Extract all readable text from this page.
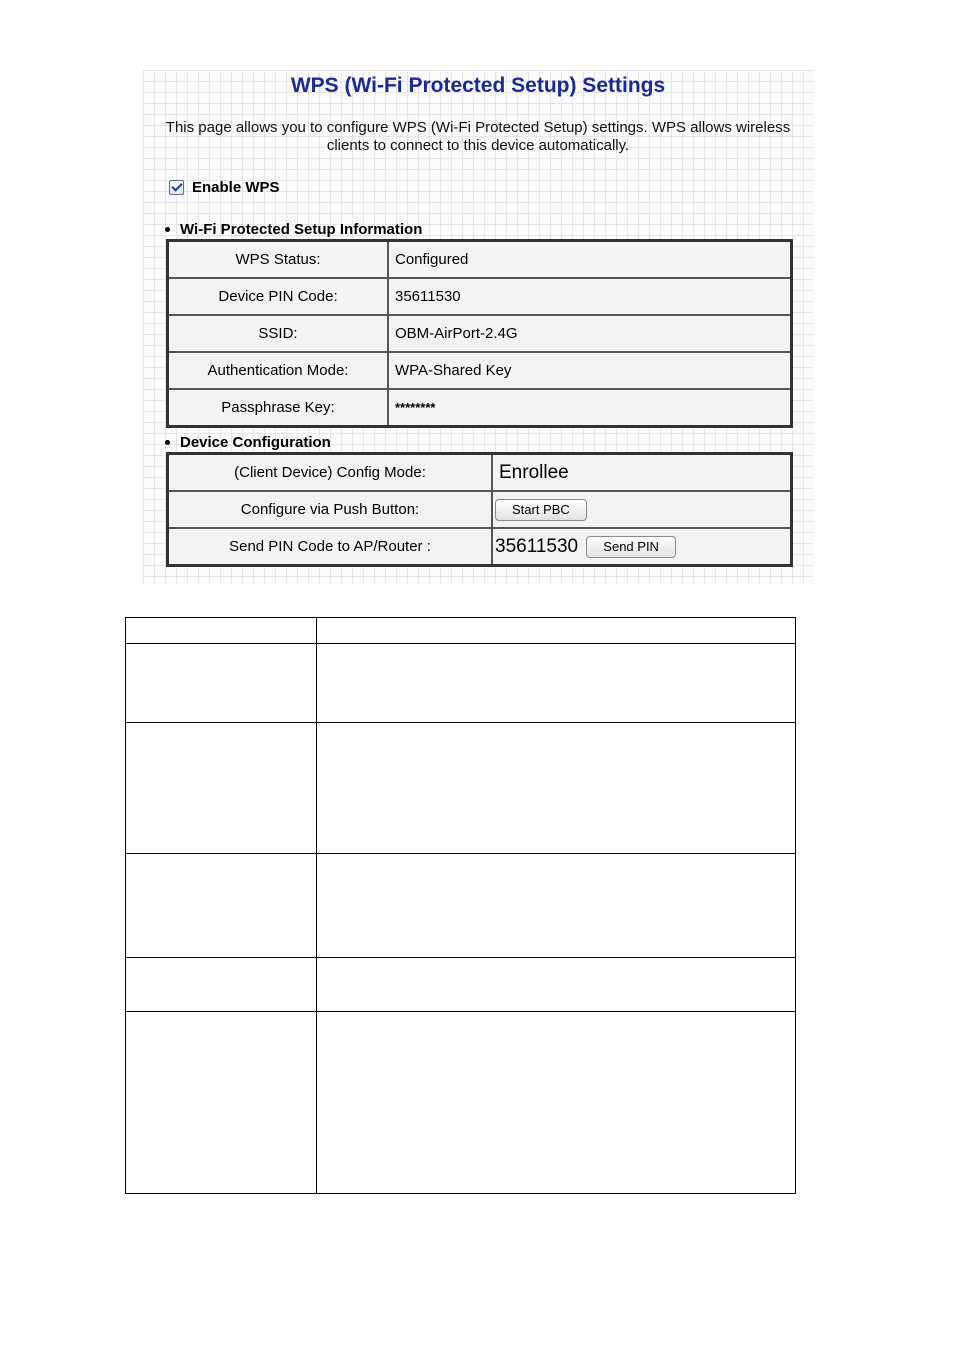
WPS (Wi-Fi Protected Setup) Settings
This page allows you to configure WPS (Wi-Fi Protected Setup) settings. WPS allows wireless clients to connect to this device automatically.
Enable WPS
Wi-Fi Protected Setup Information
WPS Status:	Configured
Device PIN Code:	35611530
SSID:	OBM-AirPort-2.4G
Authentication Mode:	WPA-Shared Key
Passphrase Key:	********
Device Configuration
(Client Device) Config Mode:	Enrollee
Configure via Push Button:	Start PBC
Send PIN Code to AP/Router :	35611530 Send PIN
